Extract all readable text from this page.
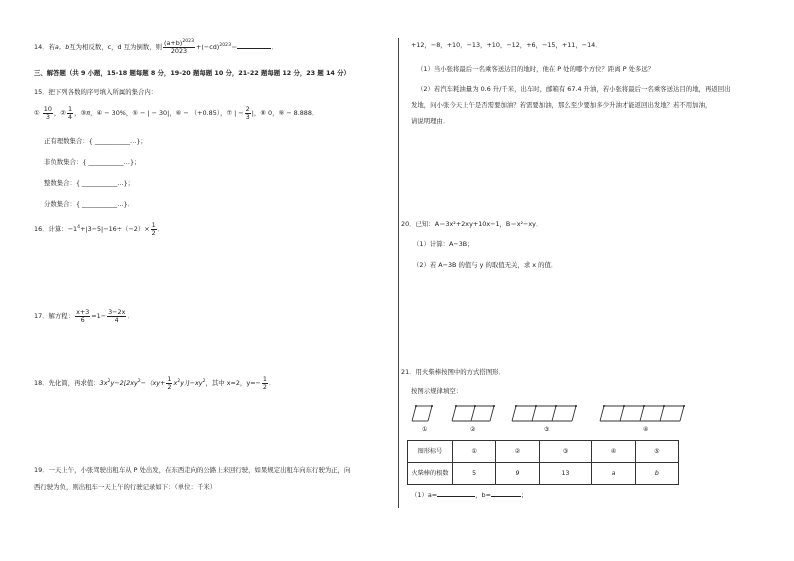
14．若a，b互为相反数，c，d 互为倒数，则 $\frac{(a+b)^{2023}}{2023} +(-cd)^{2023}=$	．
三、解答题（共 9 小题，15-18 题每题 8 分，19-20 题每题 10 分，21-22 题每题 12 分，23 题 14 分）
15．把下列各数的序号填入所属的集合内：
① $\frac{10}{3}$ ，② $\frac{1}{4}$ ，③π，④ − 30%，⑤ − | − 30|，⑥ − （+0.85），⑦ | − $\frac{2}{3}$ |，⑧ 0，⑨ − 8.888．
正有理数集合：{ ___________…}；
非负数集合：{ ___________…}；
整数集合：{ ___________…}；
分数集合：{ ___________…}．
16．计算：$-1^4+|3-5|-16\div(-2)\times \frac{1}{2}$ ．
17．解方程： $\frac{x+3}{6} =1- \frac{3-2x}{4}$ ．
18．先化简，再求值：$3x^2y-2[2xy^2-(xy+ \frac{1}{2} x^2y)]-xy^2$，其中 x=2，$y=- \frac{1}{2}$ ．
19．一天上午，小张驾驶出租车从 P 处出发，在东西走向的公路上来回行驶，如果规定出租车向东行驶为正，向
西行驶为负，则出租车一天上午的行驶记录如下：（单位：千米）
+12，−8，+10，−13，+10，−12，+6，−15，+11，−14．
（1）当小张将最后一名乘客送达目的地时，他在 P 处的哪个方位？距离 P 处多远？
（2）若汽车耗油量为 0.6 升/千米，出车时，邮箱有 67.4 升油，若小张将最后一名乘客送达目的地，再返回出
发地，问小张今天上午是否需要加油？若需要加油，那么至少要加多少升油才能返回出发地？若不用加油，
请说明理由．
20．已知：A＝3x²+2xy+10x−1，B＝x²−xy．
（1）计算：A−3B；
（2）若 A−3B 的值与 y 的取值无关，求 x 的值．
21．用火柴棒按图中的方式搭图形．
按图示规律填空：
①	②	③	④
图形标号	①	②	③	④	⑤
火柴棒的根数	5	9	13	a	b
（1）a=	，b=	；
